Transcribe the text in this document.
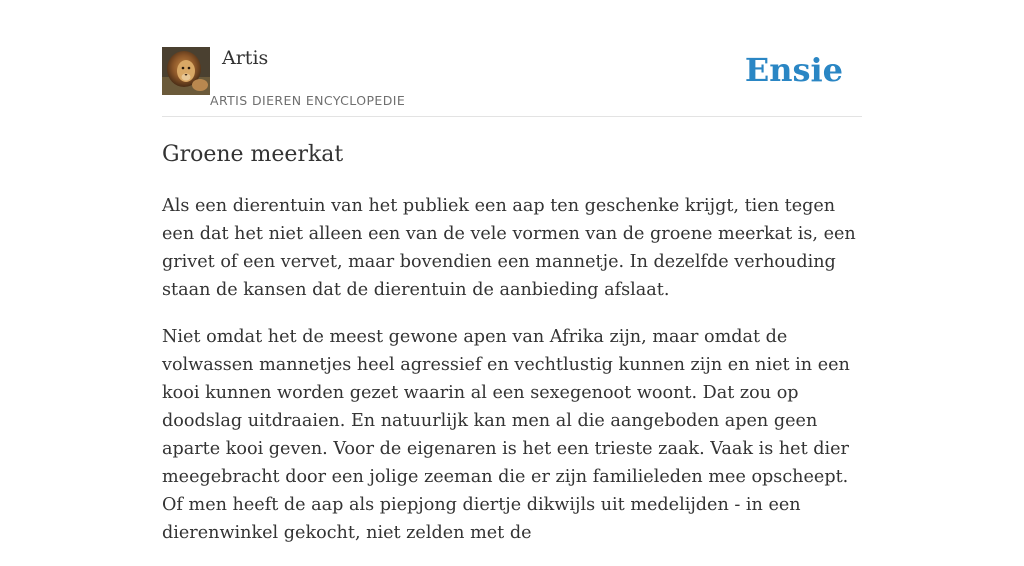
Artis
ARTIS DIEREN ENCYCLOPEDIE
Ensie
Groene meerkat

Als een dierentuin van het publiek een aap ten geschenke krijgt, tien tegen een dat het niet alleen een van de vele vormen van de groene meerkat is, een grivet of een vervet, maar bovendien een mannetje. In dezelfde verhouding staan de kansen dat de dierentuin de aanbieding afslaat.

Niet omdat het de meest gewone apen van Afrika zijn, maar omdat de volwassen mannetjes heel agressief en vechtlustig kunnen zijn en niet in een kooi kunnen worden gezet waarin al een sexegenoot woont. Dat zou op doodslag uitdraaien. En natuurlijk kan men al die aangeboden apen geen aparte kooi geven. Voor de eigenaren is het een trieste zaak. Vaak is het dier meegebracht door een jolige zeeman die er zijn familieleden mee opscheept. Of men heeft de aap als piepjong diertje dikwijls uit medelijden - in een dierenwinkel gekocht, niet zelden met de
